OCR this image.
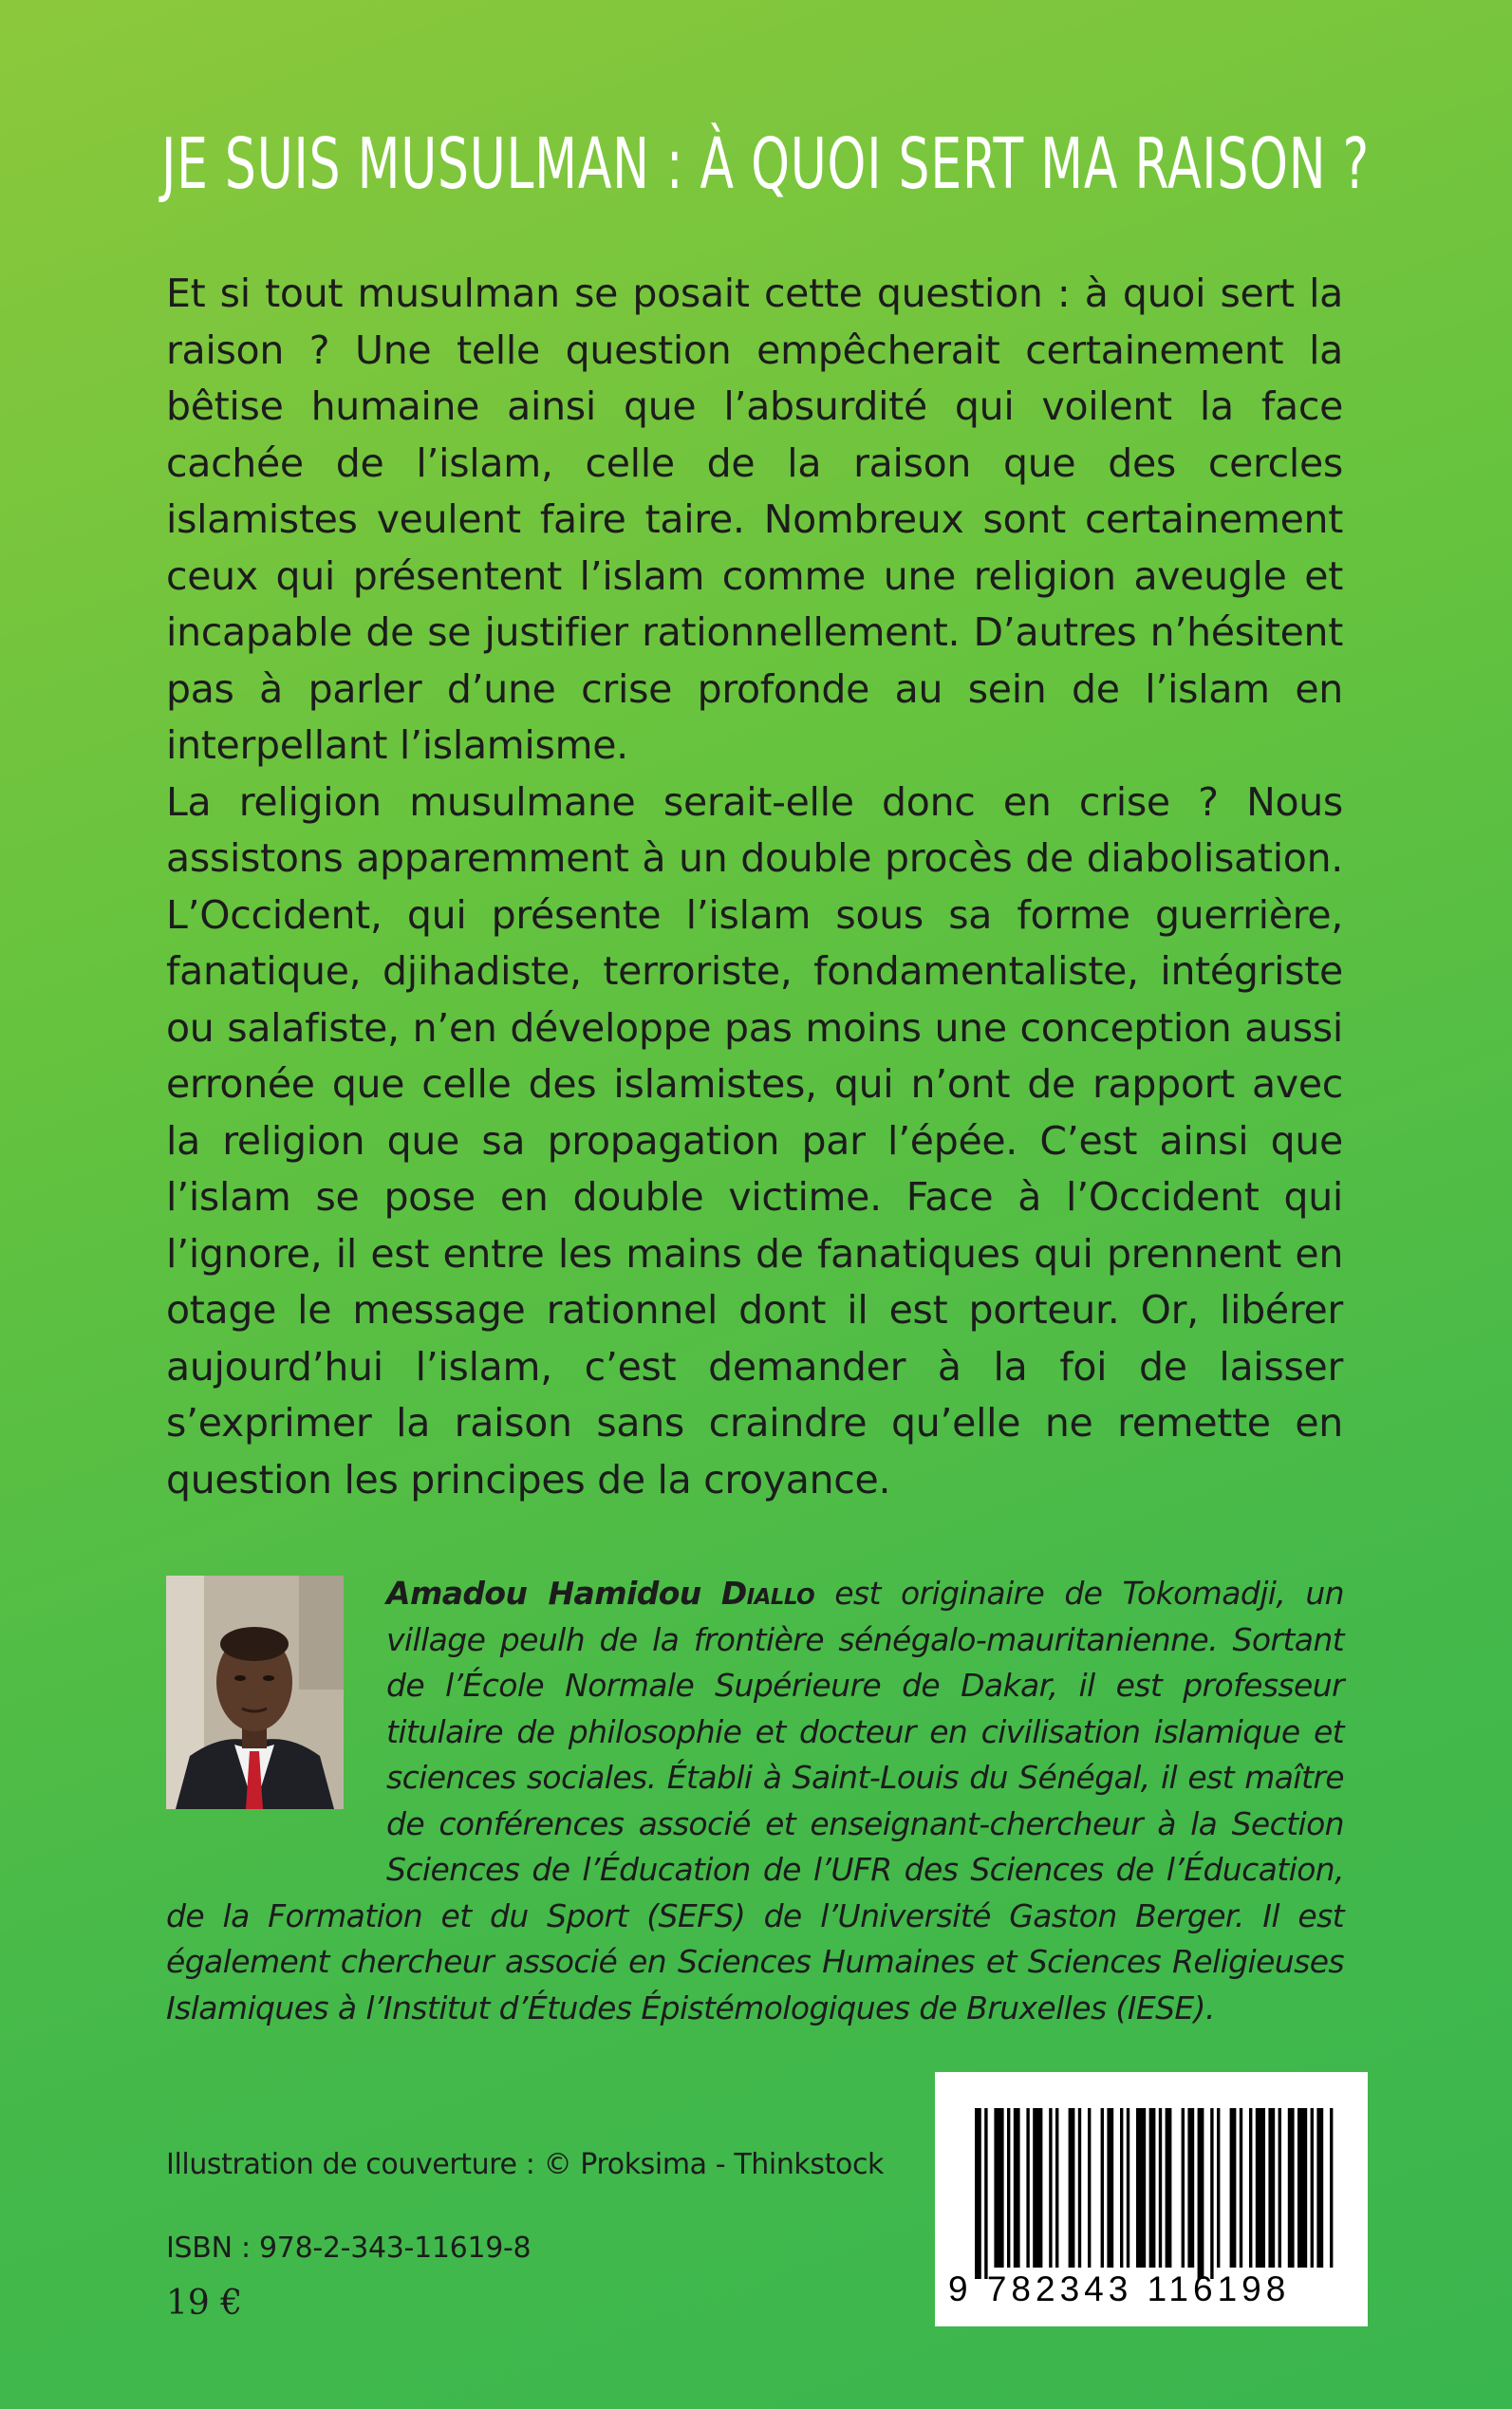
JE SUIS MUSULMAN : À QUOI SERT MA RAISON ?

Et si tout musulman se posait cette question : à quoi sert la raison ? Une telle question empêcherait certainement la bêtise humaine ainsi que l’absurdité qui voilent la face cachée de l’islam, celle de la raison que des cercles islamistes veulent faire taire. Nombreux sont certainement ceux qui présentent l’islam comme une religion aveugle et incapable de se justifier rationnellement. D’autres n’hésitent pas à parler d’une crise profonde au sein de l’islam en interpellant l’islamisme.

La religion musulmane serait-elle donc en crise ? Nous assistons apparemment à un double procès de diabolisation. L’Occident, qui présente l’islam sous sa forme guerrière, fanatique, djihadiste, terroriste, fondamentaliste, intégriste ou salafiste, n’en développe pas moins une conception aussi erronée que celle des islamistes, qui n’ont de rapport avec la religion que sa propagation par l’épée. C’est ainsi que l’islam se pose en double victime. Face à l’Occident qui l’ignore, il est entre les mains de fanatiques qui prennent en otage le message rationnel dont il est porteur. Or, libérer aujourd’hui l’islam, c’est demander à la foi de laisser s’exprimer la raison sans craindre qu’elle ne remette en question les principes de la croyance.

Amadou Hamidou Diallo est originaire de Tokomadji, un village peulh de la frontière sénégalo-mauritanienne. Sortant de l’École Normale Supérieure de Dakar, il est professeur titulaire de philosophie et docteur en civilisation islamique et sciences sociales. Établi à Saint-Louis du Sénégal, il est maître de conférences associé et enseignant-chercheur à la Section Sciences de l’Éducation de l’UFR des Sciences de l’Éducation, de la Formation et du Sport (SEFS) de l’Université Gaston Berger. Il est également chercheur associé en Sciences Humaines et Sciences Religieuses Islamiques à l’Institut d’Études Épistémologiques de Bruxelles (IESE).
Illustration de couverture : © Proksima - Thinkstock
ISBN : 978-2-343-11619-8
19 €	9 782343 116198
